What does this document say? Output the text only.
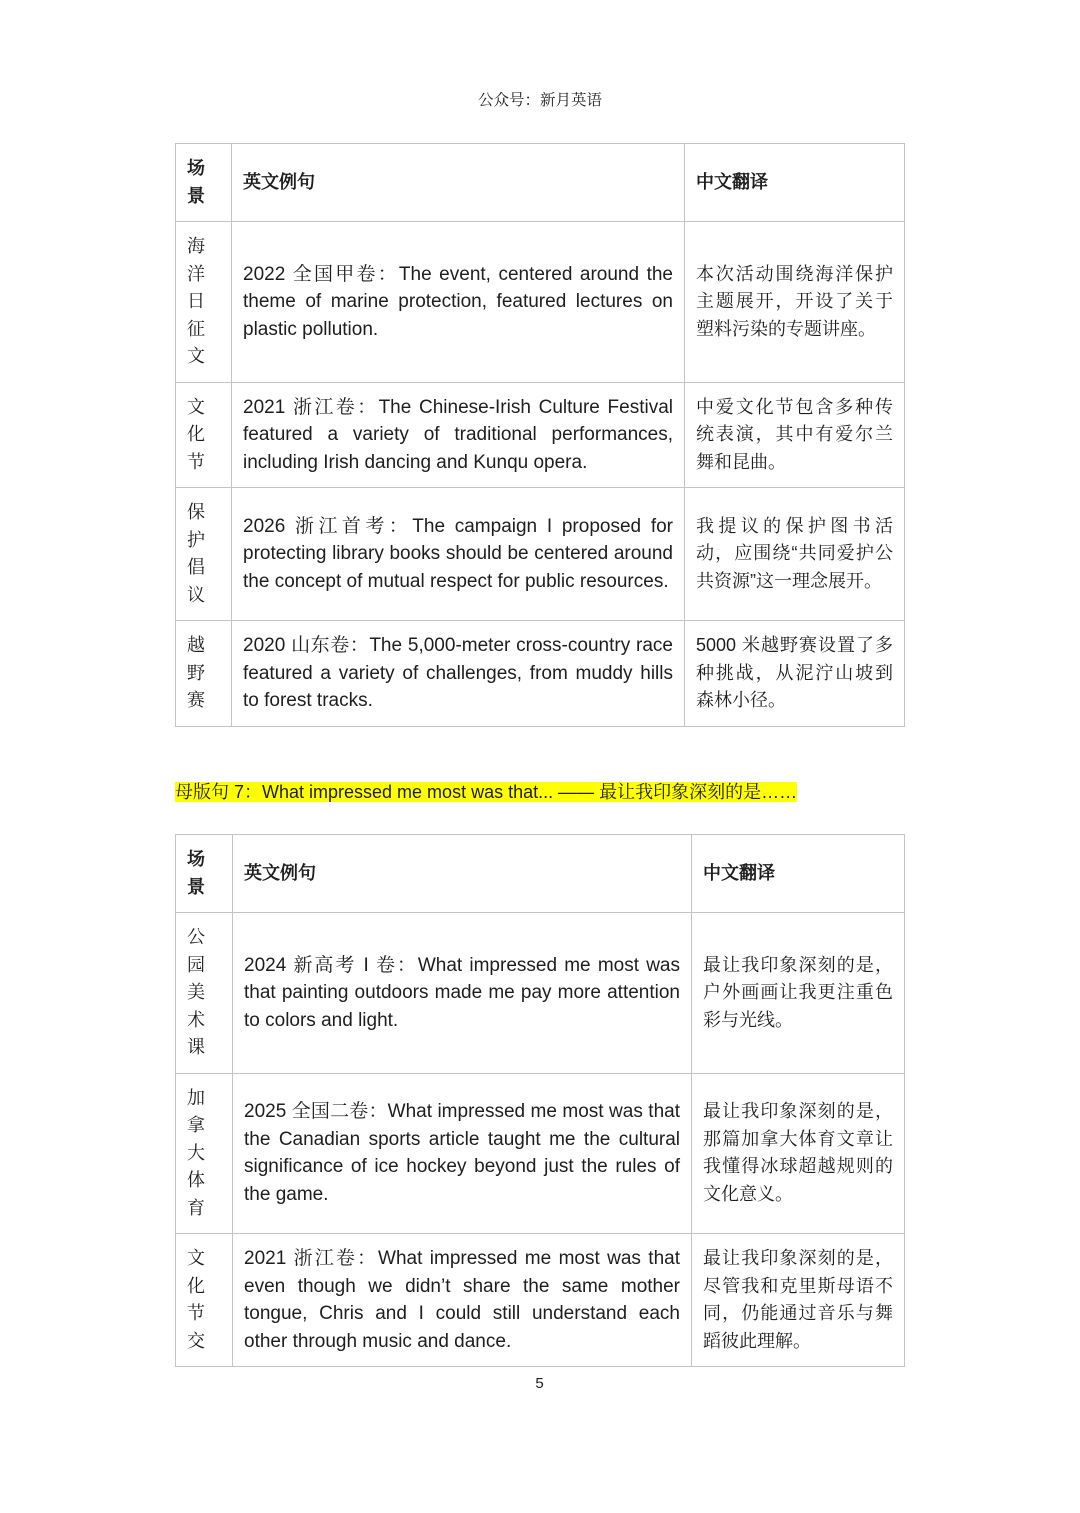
公众号：新月英语
场
景	英文例句	中文翻译

海
洋
日
征
文	2022 全国甲卷：The event, centered around the theme of marine protection, featured lectures on plastic pollution.	本次活动围绕海洋保护主题展开，开设了关于塑料污染的专题讲座。

文
化
节	2021 浙江卷：The Chinese-Irish Culture Festival featured a variety of traditional performances, including Irish dancing and Kunqu opera.	中爱文化节包含多种传统表演，其中有爱尔兰舞和昆曲。

保
护
倡
议	2026 浙江首考：The campaign I proposed for protecting library books should be centered around the concept of mutual respect for public resources.	我提议的保护图书活动，应围绕“共同爱护公共资源”这一理念展开。

越
野
赛	2020 山东卷：The 5,000-meter cross-country race featured a variety of challenges, from muddy hills to forest tracks.	5000 米越野赛设置了多种挑战，从泥泞山坡到森林小径。
母版句 7：What impressed me most was that... —— 最让我印象深刻的是……
场
景	英文例句	中文翻译

公
园
美
术
课	2024 新高考 I 卷：What impressed me most was that painting outdoors made me pay more attention to colors and light.	最让我印象深刻的是，户外画画让我更注重色彩与光线。

加
拿
大
体
育	2025 全国二卷：What impressed me most was that the Canadian sports article taught me the cultural significance of ice hockey beyond just the rules of the game.	最让我印象深刻的是，那篇加拿大体育文章让我懂得冰球超越规则的文化意义。

文
化
节
交	2021 浙江卷：What impressed me most was that even though we didn’t share the same mother tongue, Chris and I could still understand each other through music and dance.	最让我印象深刻的是，尽管我和克里斯母语不同，仍能通过音乐与舞蹈彼此理解。
5
